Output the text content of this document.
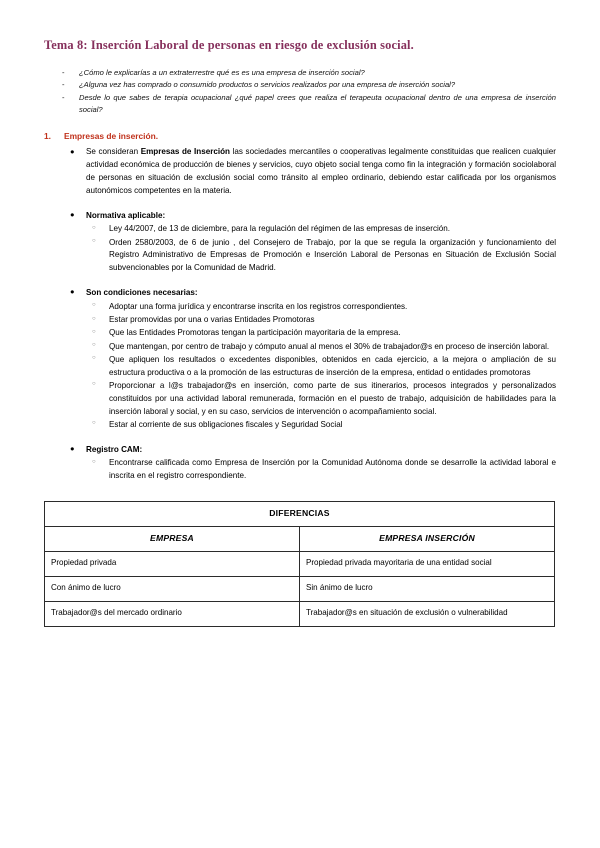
Tema 8: Inserción Laboral de personas en riesgo de exclusión social.
- ¿Cómo le explicarías a un extraterrestre qué es es una empresa de inserción social?
- ¿Alguna vez has comprado o consumido productos o servicios realizados por una empresa de inserción social?
- Desde lo que sabes de terapia ocupacional ¿qué papel crees que realiza el terapeuta ocupacional dentro de una empresa de inserción social?
1. Empresas de inserción.
● Se consideran Empresas de Inserción las sociedades mercantiles o cooperativas legalmente constituidas que realicen cualquier actividad económica de producción de bienes y servicios, cuyo objeto social tenga como fin la integración y formación sociolaboral de personas en situación de exclusión social como tránsito al empleo ordinario, debiendo estar calificada por los organismos autonómicos competentes en la materia.
● Normativa aplicable:
○ Ley 44/2007, de 13 de diciembre, para la regulación del régimen de las empresas de inserción.
○ Orden 2580/2003, de 6 de junio , del Consejero de Trabajo, por la que se regula la organización y funcionamiento del Registro Administrativo de Empresas de Promoción e Inserción Laboral de Personas en Situación de Exclusión Social subvencionables por la Comunidad de Madrid.
● Son condiciones necesarias:
○ Adoptar una forma jurídica y encontrarse inscrita en los registros correspondientes.
○ Estar promovidas por una o varias Entidades Promotoras
○ Que las Entidades Promotoras tengan la participación mayoritaria de la empresa.
○ Que mantengan, por centro de trabajo y cómputo anual al menos el 30% de trabajador@s en proceso de inserción laboral.
○ Que apliquen los resultados o excedentes disponibles, obtenidos en cada ejercicio, a la mejora o ampliación de su estructura productiva o a la promoción de las estructuras de inserción de la empresa, entidad o entidades promotoras
○ Proporcionar a l@s trabajador@s en inserción, como parte de sus itinerarios, procesos integrados y personalizados constituidos por una actividad laboral remunerada, formación en el puesto de trabajo, adquisición de habilidades para la inserción laboral y social, y en su caso, servicios de intervención o acompañamiento social.
○ Estar al corriente de sus obligaciones fiscales y Seguridad Social
● Registro CAM:
○ Encontrarse calificada como Empresa de Inserción por la Comunidad Autónoma donde se desarrolle la actividad laboral e inscrita en el registro correspondiente.
DIFERENCIAS	
EMPRESA	EMPRESA INSERCIÓN
Propiedad privada	Propiedad privada mayoritaria de una entidad social
Con ánimo de lucro	Sin ánimo de lucro
Trabajador@s del mercado ordinario	Trabajador@s en situación de exclusión o vulnerabilidad
